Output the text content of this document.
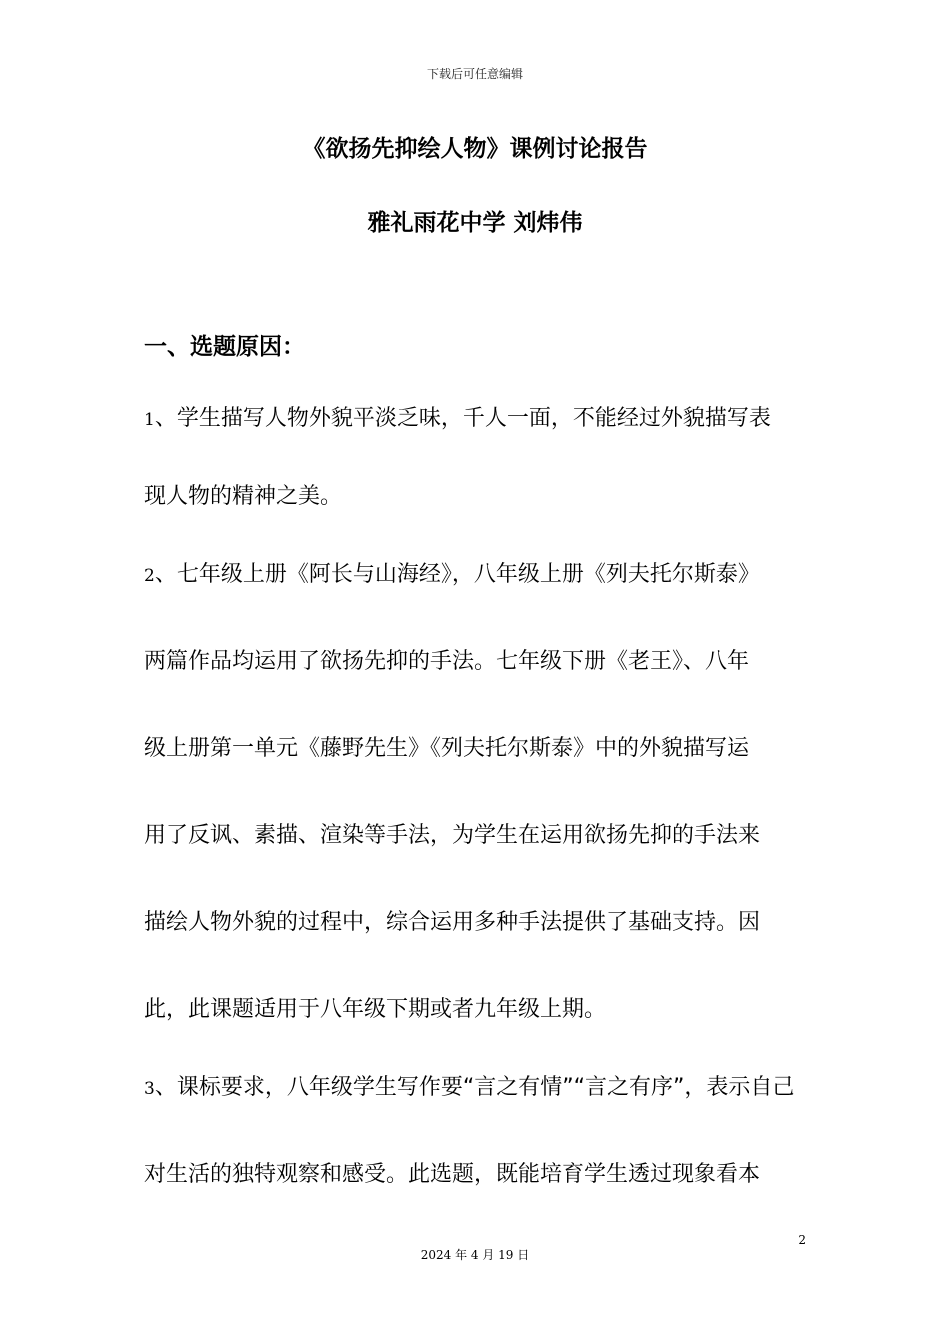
下载后可任意编辑
《欲扬先抑绘人物》课例讨论报告
雅礼雨花中学 刘炜伟
一、选题原因：
1、学生描写人物外貌平淡乏味，千人一面，不能经过外貌描写表
现人物的精神之美。
2、七年级上册《阿长与山海经》，八年级上册《列夫托尔斯泰》
两篇作品均运用了欲扬先抑的手法。七年级下册《老王》、八年
级上册第一单元《藤野先生》《列夫托尔斯泰》中的外貌描写运
用了反讽、素描、渲染等手法，为学生在运用欲扬先抑的手法来
描绘人物外貌的过程中，综合运用多种手法提供了基础支持。因
此，此课题适用于八年级下期或者九年级上期。
3、课标要求，八年级学生写作要“言之有情”“言之有序”，表示自己
对生活的独特观察和感受。此选题，既能培育学生透过现象看本
2
2024 年 4 月 19 日
